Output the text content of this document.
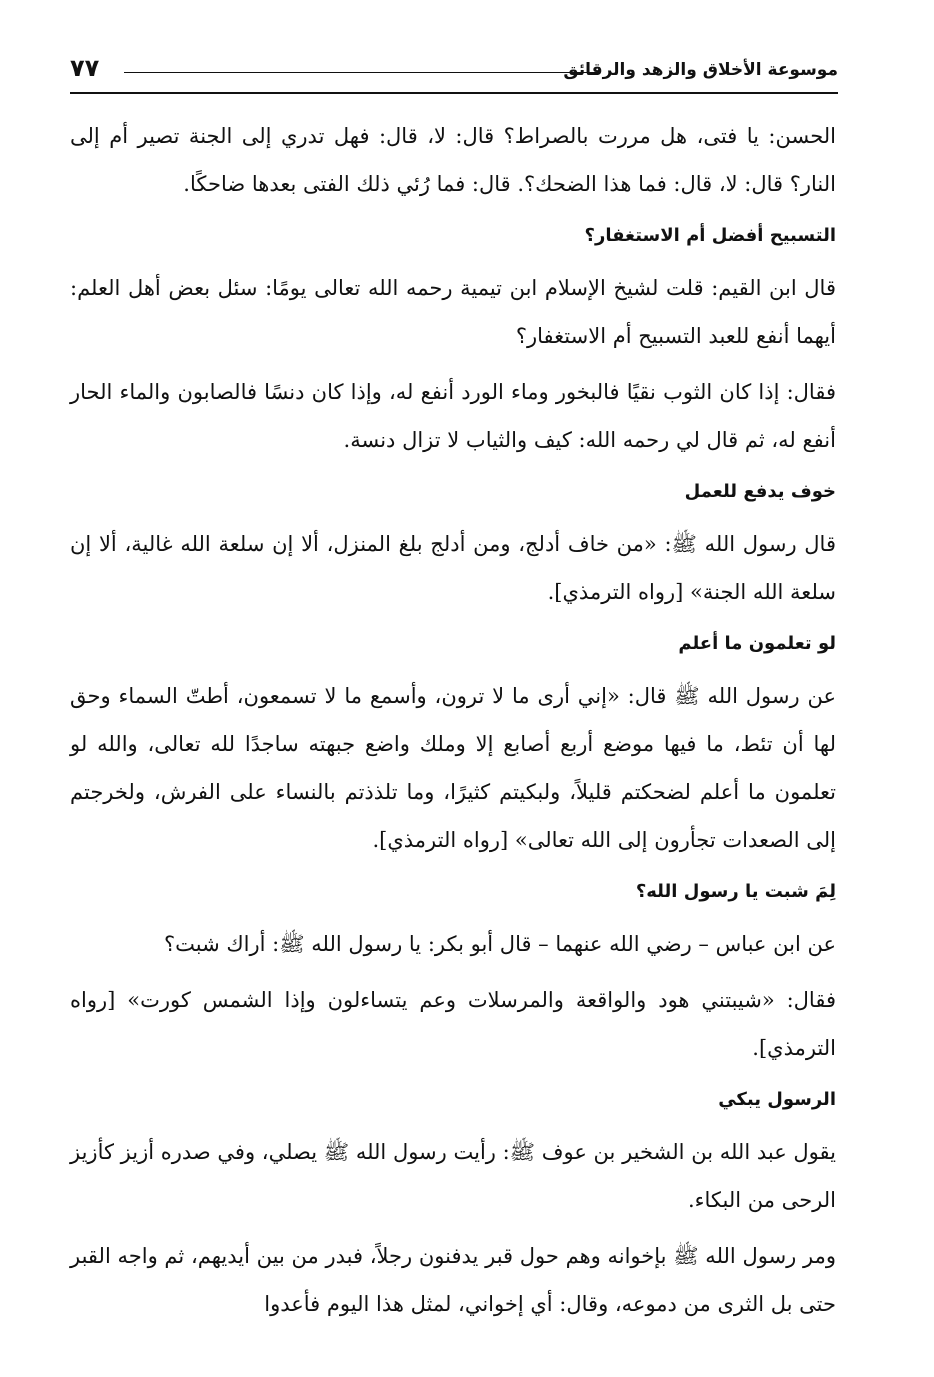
موسوعة الأخلاق والزهد والرقائق
٧٧

الحسن: يا فتى، هل مررت بالصراط؟ قال: لا، قال: فهل تدري إلى الجنة تصير أم إلى النار؟ قال: لا، قال: فما هذا الضحك؟. قال: فما رُئي ذلك الفتى بعدها ضاحكًا.

التسبيح أفضل أم الاستغفار؟

قال ابن القيم: قلت لشيخ الإسلام ابن تيمية رحمه الله تعالى يومًا: سئل بعض أهل العلم: أيهما أنفع للعبد التسبيح أم الاستغفار؟

فقال: إذا كان الثوب نقيًا فالبخور وماء الورد أنفع له، وإذا كان دنسًا فالصابون والماء الحار أنفع له، ثم قال لي رحمه الله: كيف والثياب لا تزال دنسة.

خوف يدفع للعمل

قال رسول الله ﷺ: «من خاف أدلج، ومن أدلج بلغ المنزل، ألا إن سلعة الله غالية، ألا إن سلعة الله الجنة» [رواه الترمذي].

لو تعلمون ما أعلم

عن رسول الله ﷺ قال: «إني أرى ما لا ترون، وأسمع ما لا تسمعون، أطتّ السماء وحق لها أن تئط، ما فيها موضع أربع أصابع إلا وملك واضع جبهته ساجدًا لله تعالى، والله لو تعلمون ما أعلم لضحكتم قليلاً، ولبكيتم كثيرًا، وما تلذذتم بالنساء على الفرش، ولخرجتم إلى الصعدات تجأرون إلى الله تعالى» [رواه الترمذي].

لِمَ شبت يا رسول الله؟

عن ابن عباس – رضي الله عنهما – قال أبو بكر: يا رسول الله ﷺ: أراك شبت؟

فقال: «شيبتني هود والواقعة والمرسلات وعم يتساءلون وإذا الشمس كورت» [رواه الترمذي].

الرسول يبكي

يقول عبد الله بن الشخير بن عوف ﷺ: رأيت رسول الله ﷺ يصلي، وفي صدره أزيز كأزيز الرحى من البكاء.

ومر رسول الله ﷺ بإخوانه وهم حول قبر يدفنون رجلاً، فبدر من بين أيديهم، ثم واجه القبر حتى بل الثرى من دموعه، وقال: أي إخواني، لمثل هذا اليوم فأعدوا
